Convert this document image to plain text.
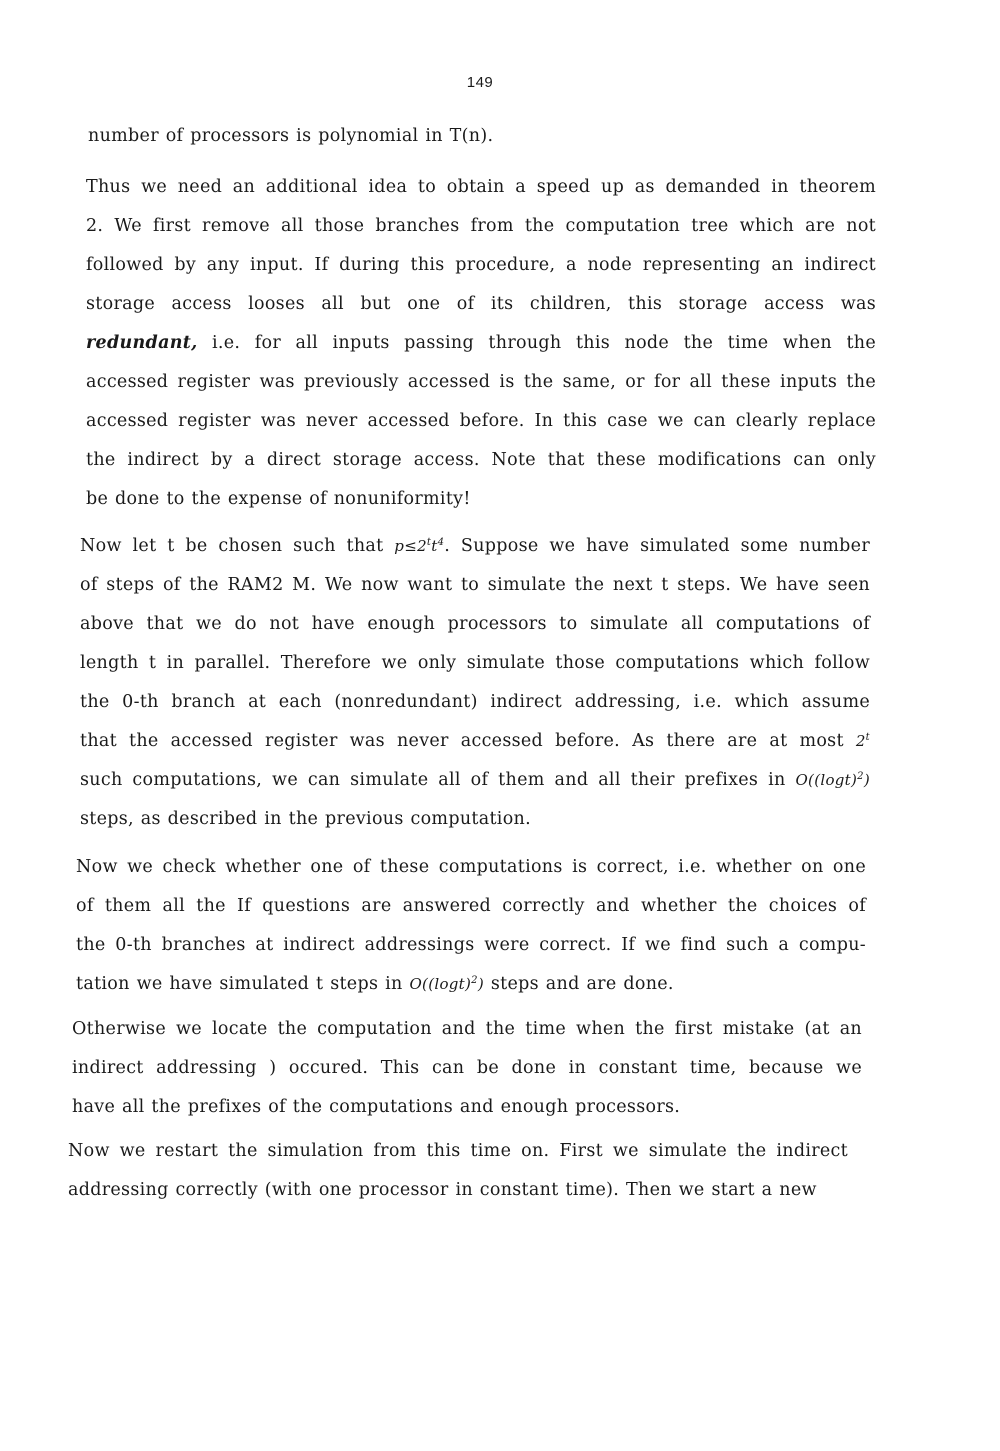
149
number of processors is polynomial in T(n).
Thus we need an additional idea to obtain a speed up as demanded in theorem 2. We first remove all those branches from the computation tree which are not followed by any input. If during this procedure, a node representing an indirect storage access looses all but one of its children, this storage access was redundant, i.e. for all inputs passing through this node the time when the accessed register was previously accessed is the same, or for all these inputs the accessed register was never accessed before. In this case we can clearly replace the indirect by a direct storage access. Note that these modifications can only be done to the expense of nonuniformity!
Now let t be chosen such that $p\le 2^tt^4$. Suppose we have simulated some number of steps of the RAM2 M. We now want to simulate the next t steps. We have seen above that we do not have enough processors to simulate all computations of length t in parallel. Therefore we only simulate those computations which follow the 0-th branch at each (nonredundant) indirect addressing, i.e. which assume that the accessed register was never accessed before. As there are at most 2$^t$ such computations, we can simulate all of them and all their prefixes in $O((\log t)^2)$ steps, as described in the previous computation.
Now we check whether one of these computations is correct, i.e. whether on one of them all the If questions are answered correctly and whether the choices of the 0-th branches at indirect addressings were correct. If we find such a compu- tation we have simulated t steps in $O((\log t)^2)$ steps and are done.
Otherwise we locate the computation and the time when the first mistake (at an indirect addressing ) occured. This can be done in constant time, because we have all the prefixes of the computations and enough processors.
Now we restart the simulation from this time on. First we simulate the indirect addressing correctly (with one processor in constant time). Then we start a new
